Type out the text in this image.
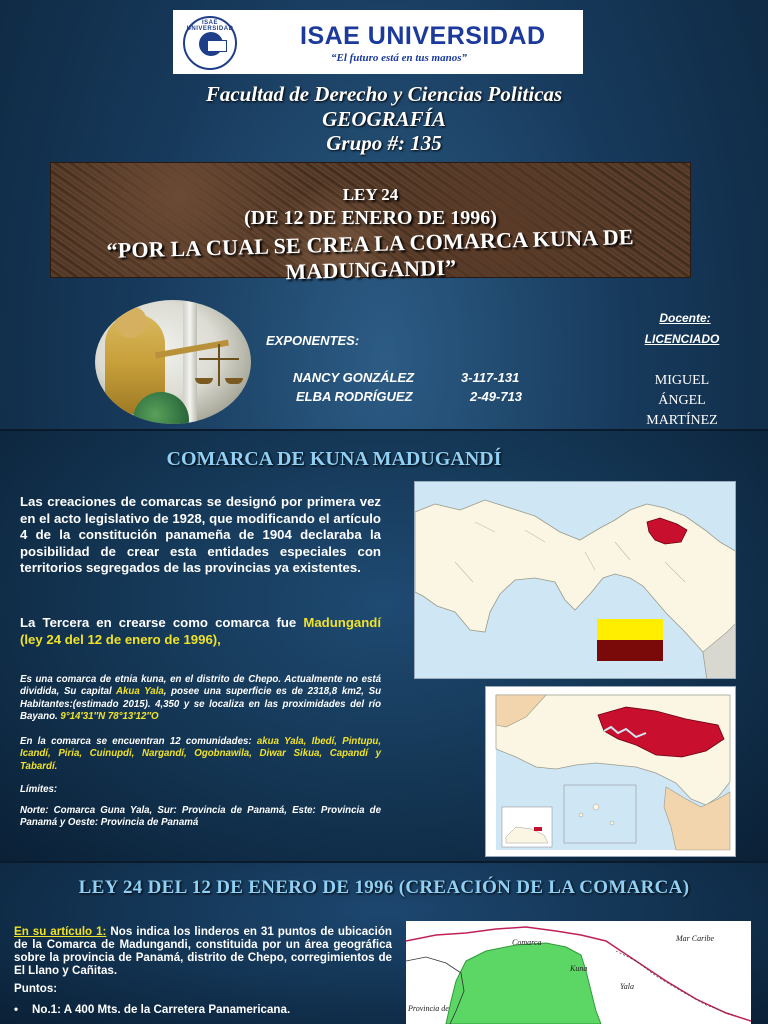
ISAE UNIVERSIDAD	ISAE UNIVERSIDAD
“El futuro está en tus manos”
Facultad de Derecho y Ciencias Politicas
GEOGRAFÍA
Grupo #: 135
LEY 24
(DE 12 DE ENERO DE 1996)
“POR LA CUAL SE CREA LA COMARCA KUNA DE MADUNGANDI”
EXPONENTES:
NANCY GONZÁLEZ	3-117-131
ELBA RODRÍGUEZ	2-49-713
Docente:
LICENCIADO
MIGUEL
ÁNGEL
MARTÍNEZ
COMARCA DE KUNA MADUGANDÍ
Las creaciones de comarcas se designó por primera vez en el acto legislativo de 1928, que modificando el artículo 4 de la constitución panameña de 1904 declaraba la posibilidad de crear esta entidades especiales con territorios segregados de las provincias ya existentes.
La Tercera en crearse como comarca fue Madungandí (ley 24 del 12 de enero de 1996),
Es una comarca de etnia kuna, en el distrito de Chepo. Actualmente no está dividida, Su capital Akua Yala, posee una superficie es de 2318,8 km2, Su Habitantes:(estimado 2015). 4,350 y se localiza en las proximidades del río Bayano. 9°14′31″N 78°13′12″O
En la comarca se encuentran 12 comunidades: akua Yala, Ibedí, Pintupu, Icandí, Piria, Cuinupdi, Nargandí, Ogobnawila, Diwar Sikua, Capandí y Tabardí.
Límites:
Norte: Comarca Guna Yala, Sur: Provincia de Panamá, Este: Provincia de Panamá y Oeste: Provincia de Panamá
LEY 24 DEL 12 DE ENERO DE 1996 (CREACIÓN DE LA COMARCA)
En su artículo 1: Nos indica los linderos en 31 puntos de ubicación de la Comarca de Madungandi, constituida por un área geográfica sobre la provincia de Panamá, distrito de Chepo, corregimientos de El Llano y Cañitas.
Puntos:
• No.1: A 400 Mts. de la Carretera Panamericana.
Comarca
Kuna
Yala
Mar Caribe
Provincia de
